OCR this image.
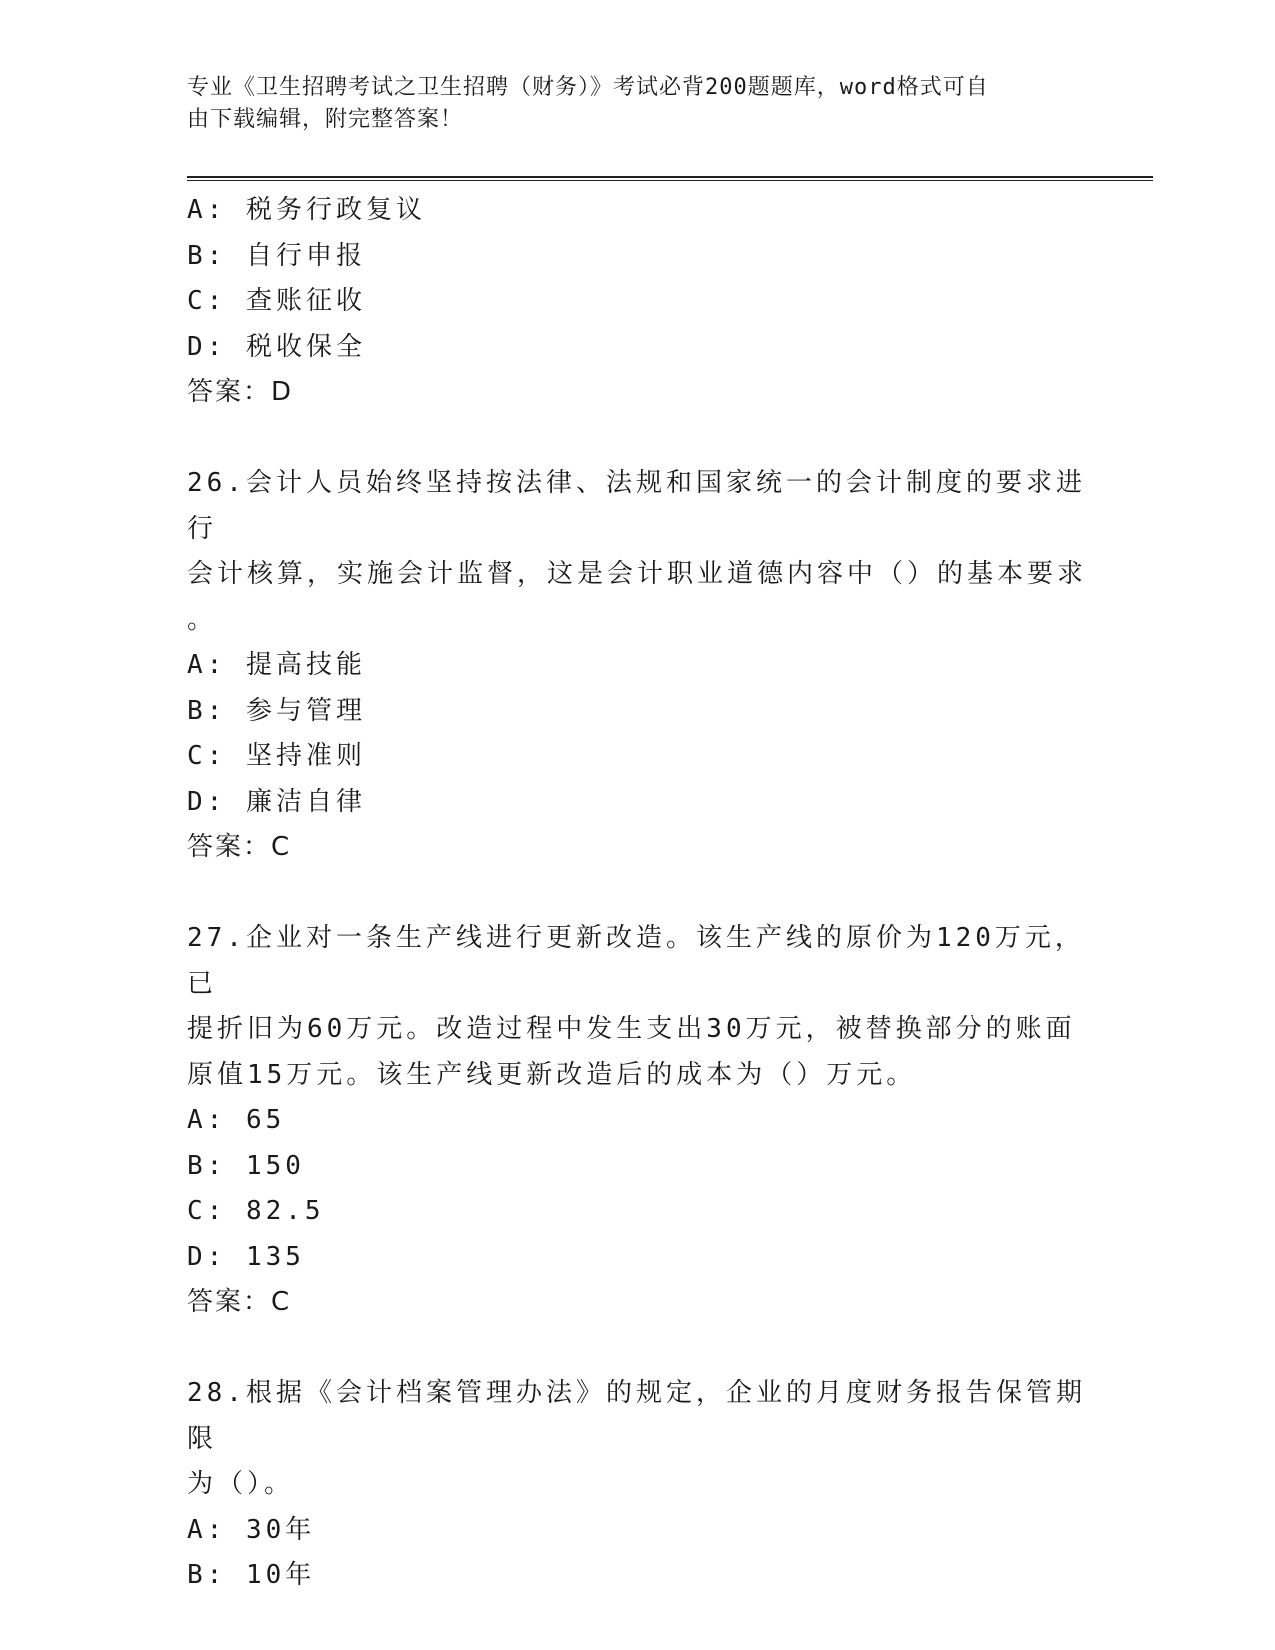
专业《卫生招聘考试之卫生招聘（财务）》考试必背200题题库，word格式可自
由下载编辑，附完整答案！
A: 税务行政复议
B: 自行申报
C: 查账征收
D: 税收保全
答案：D
26.会计人员始终坚持按法律、法规和国家统一的会计制度的要求进行
会计核算，实施会计监督，这是会计职业道德内容中（）的基本要求
。
A: 提高技能
B: 参与管理
C: 坚持准则
D: 廉洁自律
答案：C
27.企业对一条生产线进行更新改造。该生产线的原价为120万元，已
提折旧为60万元。改造过程中发生支出30万元，被替换部分的账面
原值15万元。该生产线更新改造后的成本为（）万元。
A: 65
B: 150
C: 82.5
D: 135
答案：C
28.根据《会计档案管理办法》的规定，企业的月度财务报告保管期限
为（）。
A: 30年
B: 10年
